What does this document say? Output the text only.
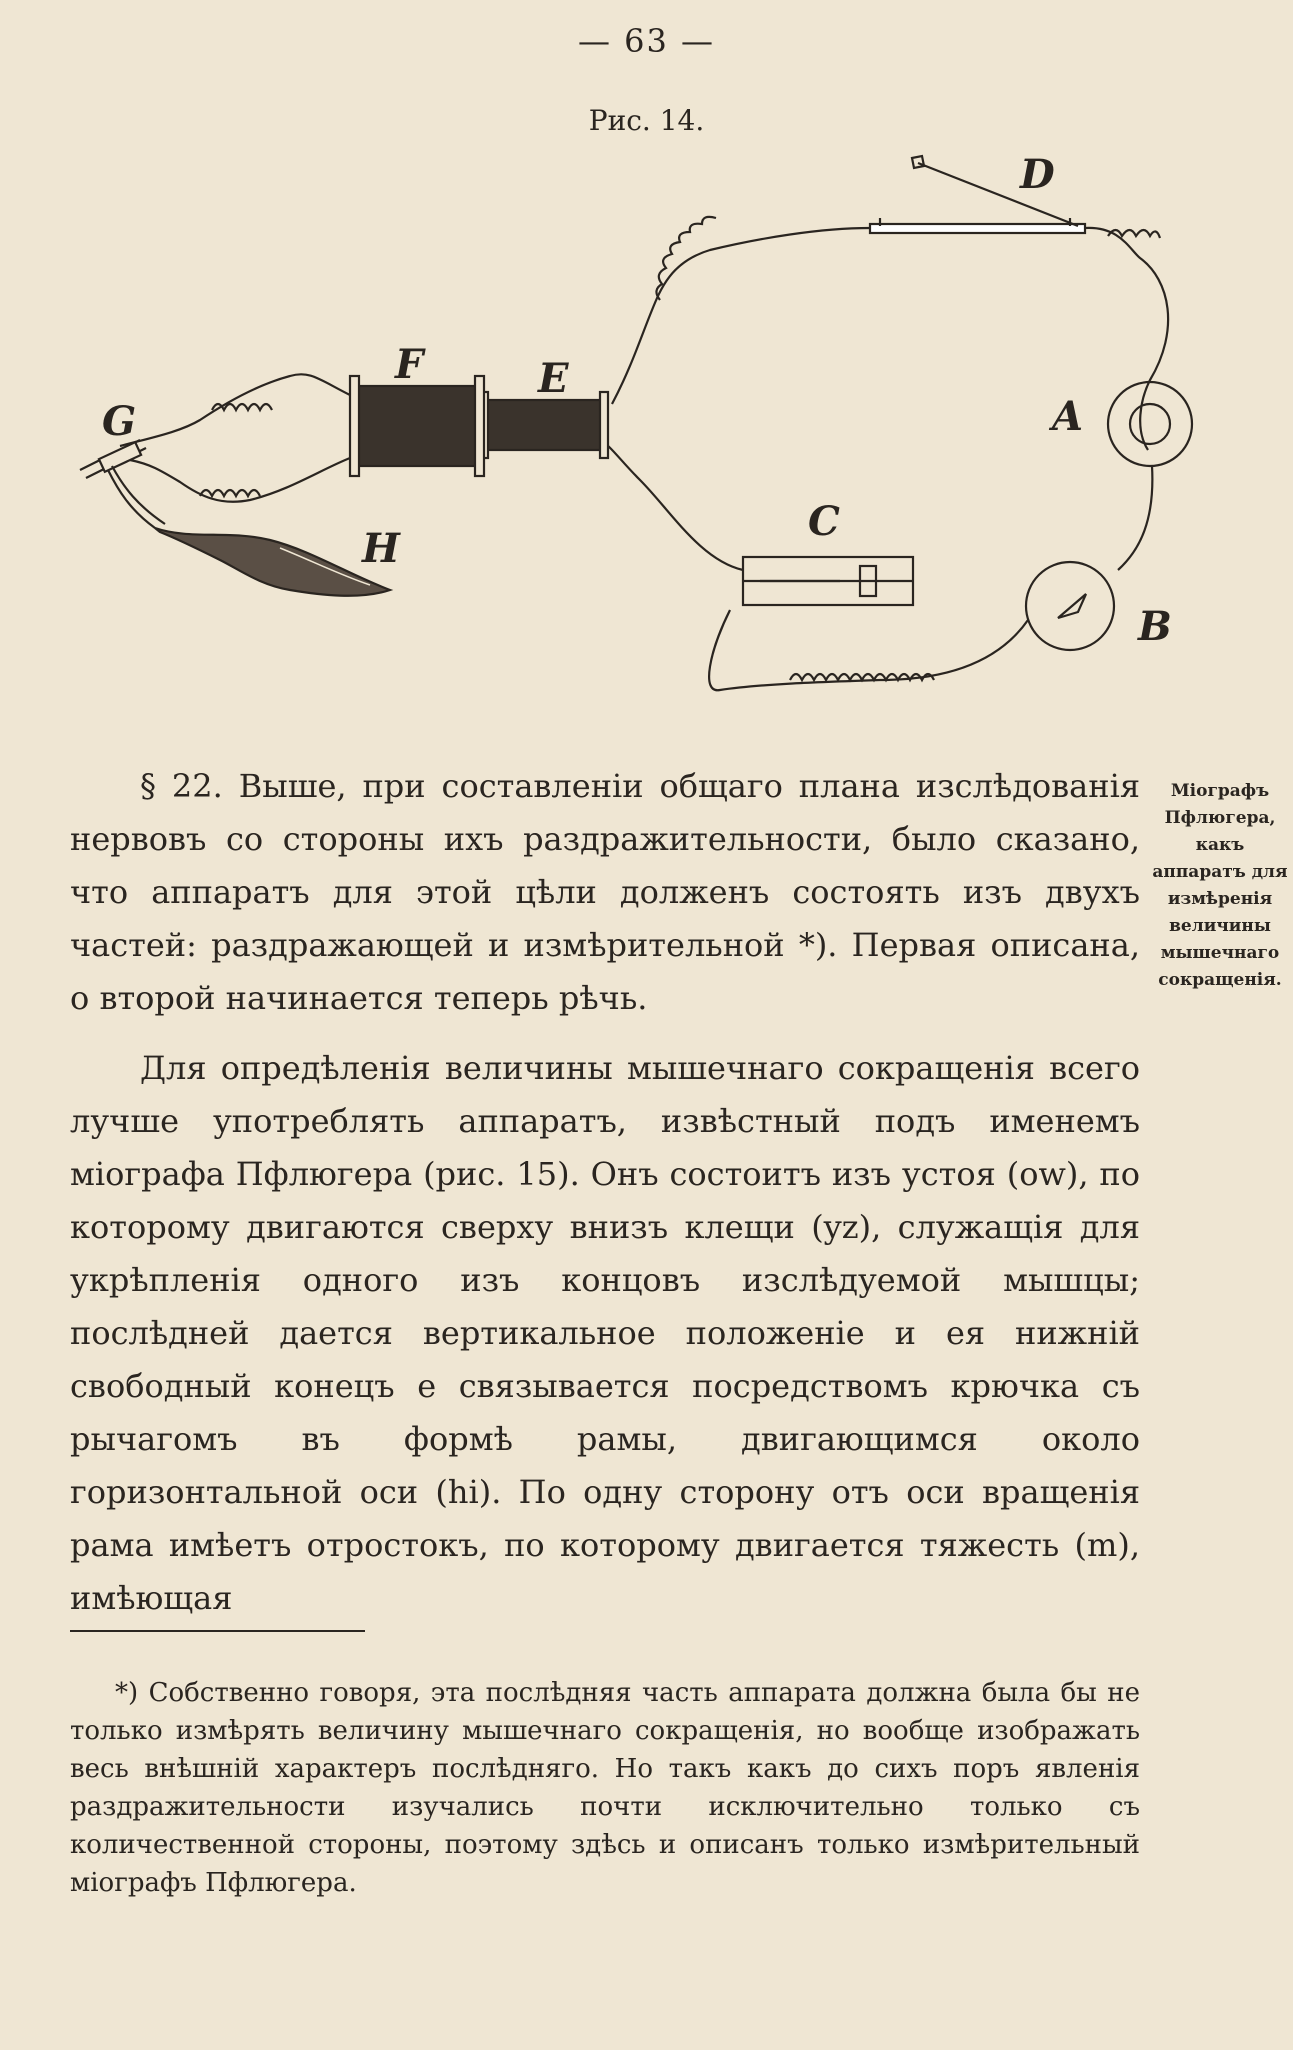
— 63 —
Рис. 14.
D
F	E
G	A
C
H
B
§ 22. Выше, при составленіи общаго плана изслѣдованія нервовъ со стороны ихъ раздражительности, было сказано, что аппаратъ для этой цѣли долженъ состоять изъ двухъ частей: раздражающей и измѣрительной *). Первая описана, о второй начинается теперь рѣчь.
Міографъ Пфлюгера, какъ аппаратъ для измѣренія величины мышечнаго сокращенія.
Для опредѣленія величины мышечнаго сокращенія всего лучше употреблять аппаратъ, извѣстный подъ именемъ міографа Пфлюгера (рис. 15). Онъ состоитъ изъ устоя (ow), по которому двигаются сверху внизъ клещи (yz), служащія для укрѣпленія одного изъ концовъ изслѣдуемой мышцы; послѣдней дается вертикальное положеніе и ея нижній свободный конецъ e связывается посредствомъ крючка съ рычагомъ въ формѣ рамы, двигающимся около горизонтальной оси (hi). По одну сторону отъ оси вращенія рама имѣетъ отростокъ, по которому двигается тяжесть (m), имѣющая
*) Собственно говоря, эта послѣдняя часть аппарата должна была бы не только измѣрять величину мышечнаго сокращенія, но вообще изображать весь внѣшній характеръ послѣдняго. Но такъ какъ до сихъ поръ явленія раздражительности изучались почти исключительно только съ количественной стороны, поэтому здѣсь и описанъ только измѣрительный міографъ Пфлюгера.
